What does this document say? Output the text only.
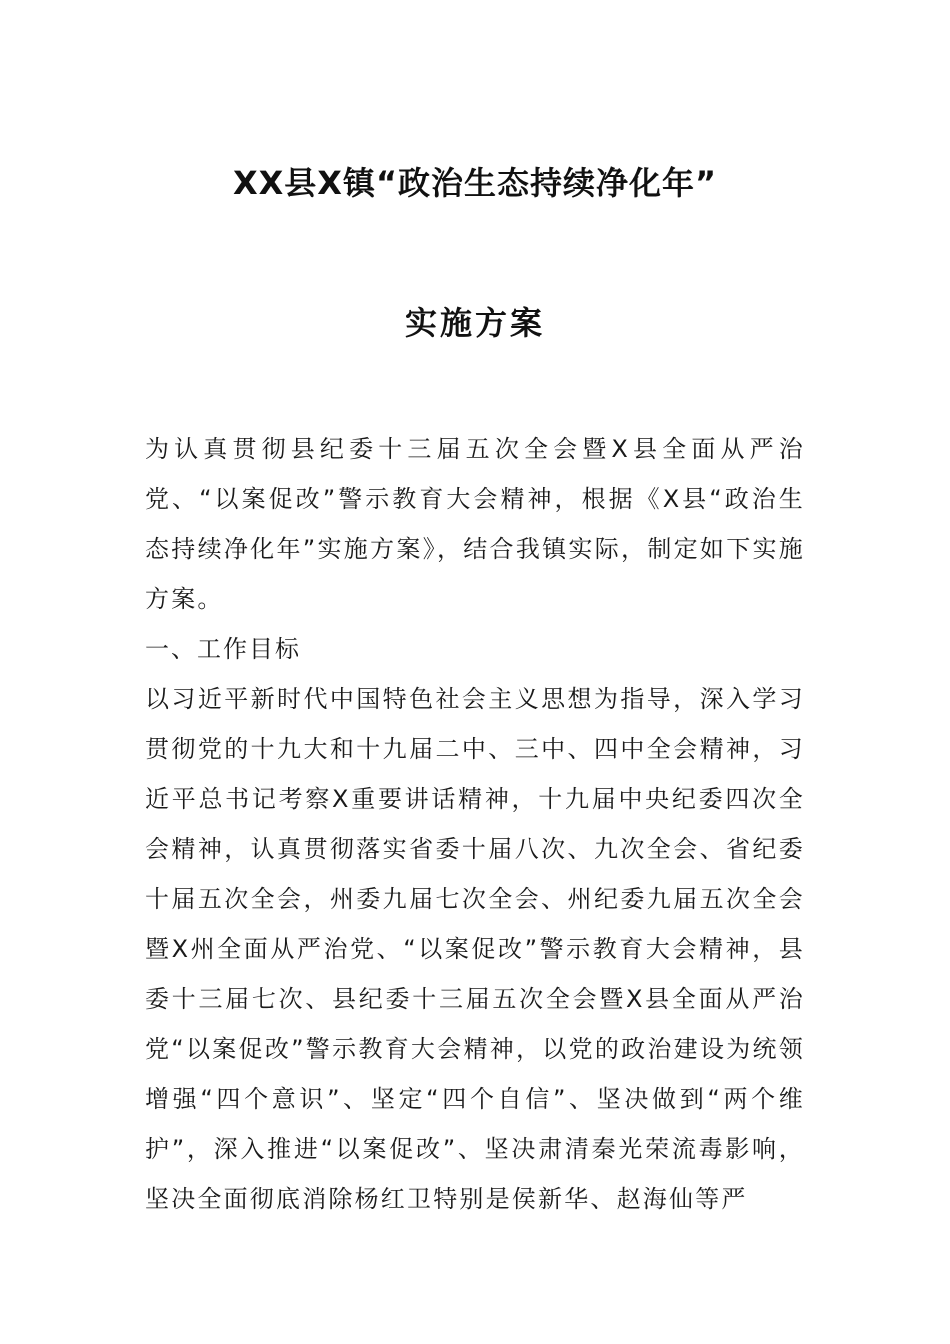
XX县X镇“政治生态持续净化年”
实施方案

为认真贯彻县纪委十三届五次全会暨X县全面从严治党、“以案促改”警示教育大会精神，根据《X县“政治生态持续净化年”实施方案》，结合我镇实际，制定如下实施方案。

一、工作目标

以习近平新时代中国特色社会主义思想为指导，深入学习贯彻党的十九大和十九届二中、三中、四中全会精神，习近平总书记考察X重要讲话精神，十九届中央纪委四次全会精神，认真贯彻落实省委十届八次、九次全会、省纪委十届五次全会，州委九届七次全会、州纪委九届五次全会暨X州全面从严治党、“以案促改”警示教育大会精神，县委十三届七次、县纪委十三届五次全会暨X县全面从严治党“以案促改”警示教育大会精神，以党的政治建设为统领增强“四个意识”、坚定“四个自信”、坚决做到“两个维护”，深入推进“以案促改”、坚决肃清秦光荣流毒影响，坚决全面彻底消除杨红卫特别是侯新华、赵海仙等严
